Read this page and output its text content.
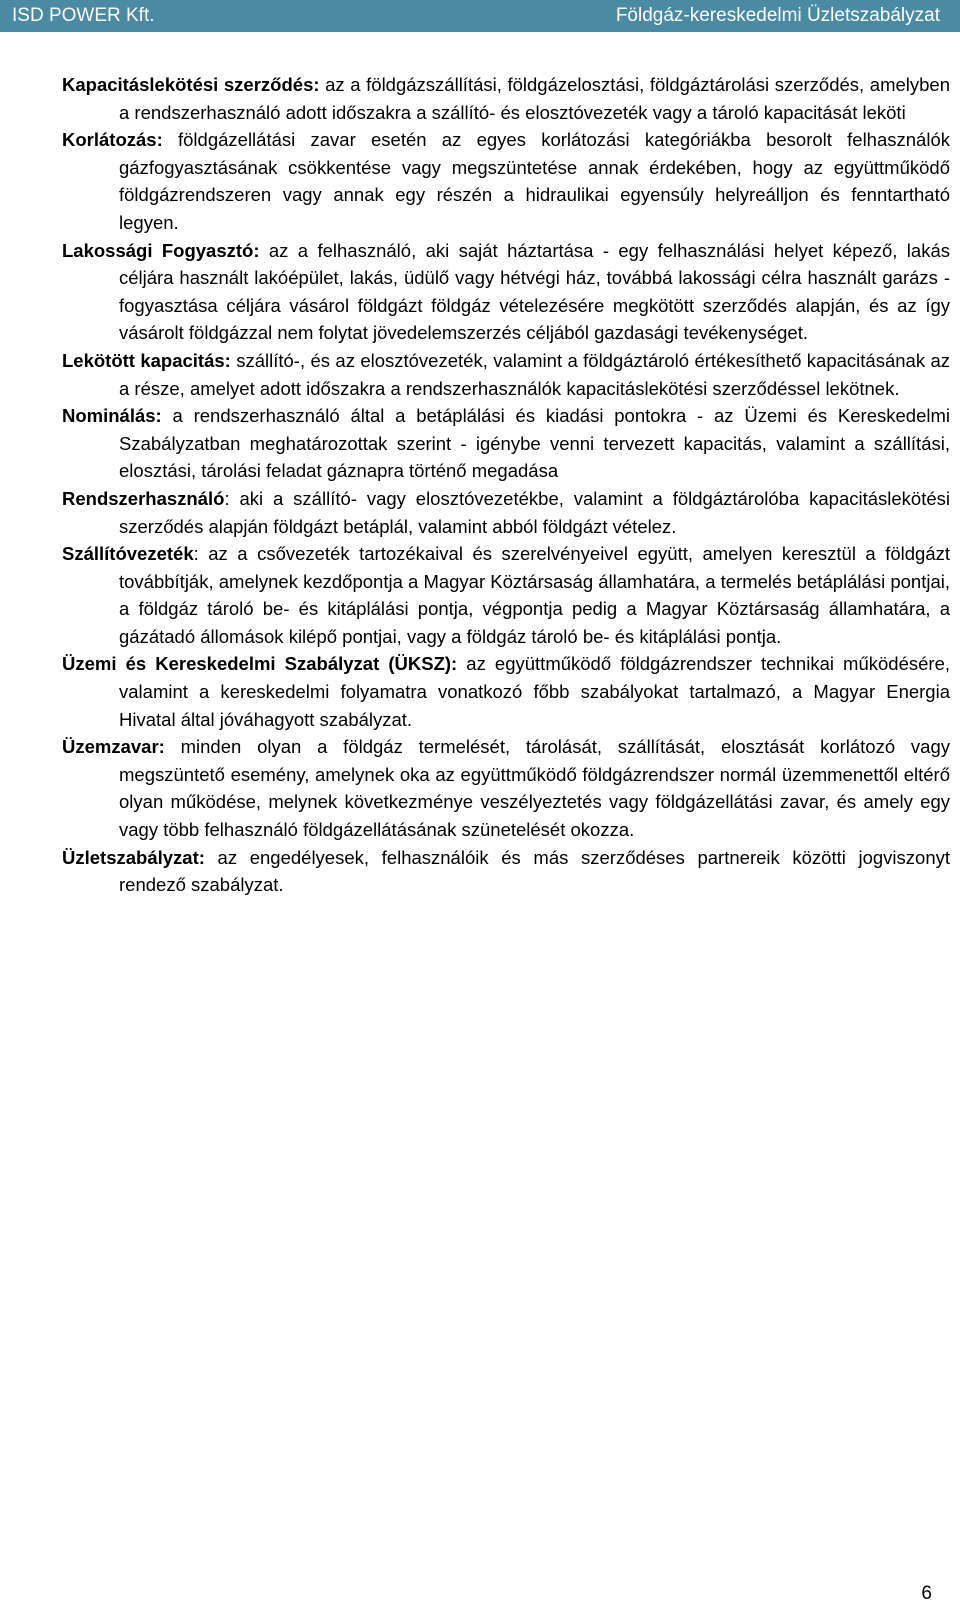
ISD POWER Kft.	Földgáz-kereskedelmi Üzletszabályzat

Kapacitáslekötési szerződés: az a földgázszállítási, földgázelosztási, földgáztárolási szerződés, amelyben a rendszerhasználó adott időszakra a szállító- és elosztóvezeték vagy a tároló kapacitását leköti

Korlátozás: földgázellátási zavar esetén az egyes korlátozási kategóriákba besorolt felhasználók gázfogyasztásának csökkentése vagy megszüntetése annak érdekében, hogy az együttműködő földgázrendszeren vagy annak egy részén a hidraulikai egyensúly helyreálljon és fenntartható legyen.

Lakossági Fogyasztó: az a felhasználó, aki saját háztartása - egy felhasználási helyet képező, lakás céljára használt lakóépület, lakás, üdülő vagy hétvégi ház, továbbá lakossági célra használt garázs - fogyasztása céljára vásárol földgázt földgáz vételezésére megkötött szerződés alapján, és az így vásárolt földgázzal nem folytat jövedelemszerzés céljából gazdasági tevékenységet.

Lekötött kapacitás: szállító-, és az elosztóvezeték, valamint a földgáztároló értékesíthető kapacitásának az a része, amelyet adott időszakra a rendszerhasználók kapacitáslekötési szerződéssel lekötnek.

Nominálás: a rendszerhasználó által a betáplálási és kiadási pontokra - az Üzemi és Kereskedelmi Szabályzatban meghatározottak szerint - igénybe venni tervezett kapacitás, valamint a szállítási, elosztási, tárolási feladat gáznapra történő megadása

Rendszerhasználó: aki a szállító- vagy elosztóvezetékbe, valamint a földgáztárolóba kapacitáslekötési szerződés alapján földgázt betáplál, valamint abból földgázt vételez.

Szállítóvezeték: az a csővezeték tartozékaival és szerelvényeivel együtt, amelyen keresztül a földgázt továbbítják, amelynek kezdőpontja a Magyar Köztársaság államhatára, a termelés betáplálási pontjai, a földgáz tároló be- és kitáplálási pontja, végpontja pedig a Magyar Köztársaság államhatára, a gázátadó állomások kilépő pontjai, vagy a földgáz tároló be- és kitáplálási pontja.

Üzemi és Kereskedelmi Szabályzat (ÜKSZ): az együttműködő földgázrendszer technikai működésére, valamint a kereskedelmi folyamatra vonatkozó főbb szabályokat tartalmazó, a Magyar Energia Hivatal által jóváhagyott szabályzat.

Üzemzavar: minden olyan a földgáz termelését, tárolását, szállítását, elosztását korlátozó vagy megszüntető esemény, amelynek oka az együttműködő földgázrendszer normál üzemmenettől eltérő olyan működése, melynek következménye veszélyeztetés vagy földgázellátási zavar, és amely egy vagy több felhasználó földgázellátásának szünetelését okozza.

Üzletszabályzat: az engedélyesek, felhasználóik és más szerződéses partnereik közötti jogviszonyt rendező szabályzat.

6
